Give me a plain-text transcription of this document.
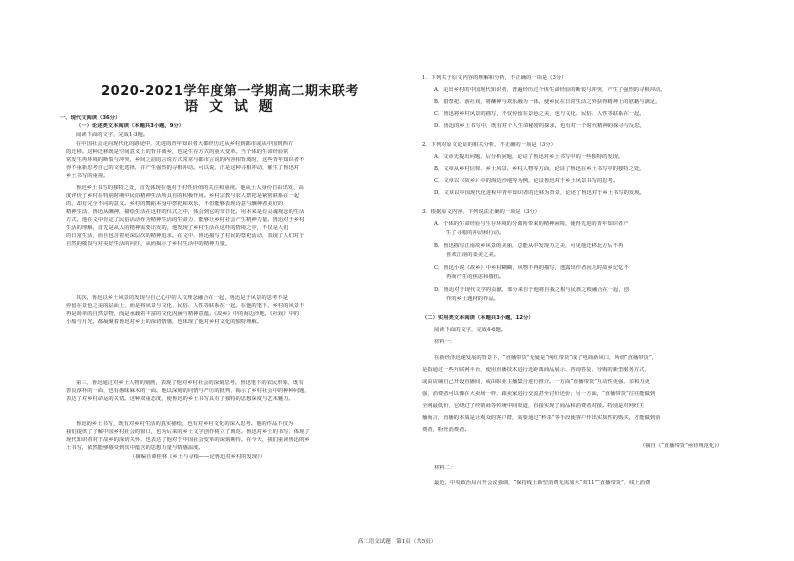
2020-2021学年度第一学期高二期末联考
语 文 试 题
一、现代文阅读（36分）
（一）论述类文本阅读（本题共3小题，9分）
阅读下面的文字，完成1-3题。
在中国社会走向现代化的路途中，先进的青年知识者大都经历过从乡村到都市或从中国到西方
的迁移。这种迁移既是空间意义上的背井离乡，也是生存方式的重大变革。当个体的生命经验常
常发生再环境的断裂与冲突，乡间之前的言说方式常常与都市言说的内容相背离时，这些青年知识者不
得不重新思考自己的文化选择，并产生强烈的寻根冲动。可以说，正是这种寻根冲动，催生了鲁迅对
乡土书写的重视。
鲁迅乡土书写的独特之处，首先体现在他对于村性价值的关注和重视。他从土人身份自由出发，高
度评价了乡村在特别时期中民俗精神生活所具有的积极作用。乡村宗教与农人祭祀是紧密联系在一起
的，却有完全不同的意义。乡村的舞蹈本身中祭祀和欢乐，不但能够表现诗意与酬神者美好的
精神生活，鲁迅从酬神，描绘生活在这样的仪式之中，体会到它的节日化，用本来是有灵魂观念的生活
方式。他在文中肯定了民俗活动作为精神生活的生命力，能够让乡村社会产生精神力量。鲁迅对于乡村
生活的理解，首先是从人的精神需要出发的。他发现了乡村生活在这样的情境之中，不仅是人们
的日常生活，而且包含着更深层次的精神追求。在文中，鲁迅描写了村民的祭祀活动，表现了人们对于
自然的敬畏与对美好生活的向往，从而揭示了乡村生活中的精神力量。
其次，鲁迅以乡土风景的发现与自己心中的人文理念融合在一起，鲁迅是于风景的思考不是
停留在景色之美的层面上，而是将风景与文化、民俗、人性等联系在一起。在他的笔下，乡村的风景不
再是简单的自然景物，而是承载着丰富的文化内涵与精神意蕴。《故乡》中的海边沙地，《社戏》中的
小船与月光，都凝聚着鲁迅对乡土的深切情感，也体现了他对乡村文化的独特理解。
第三，鲁迅通过对乡土人物的刻画，表现了他对乡村社会的深刻思考。鲁迅笔下的农民形象，既有
善良淳朴的一面，也有愚昧麻木的一面。他以深刻的同情与严厉的批判，揭示了乡村社会中的种种问题，
表达了对乡村命运的关切。这种双重态度，使鲁迅的乡土书写具有了独特的思想深度与艺术魅力。
鲁迅的乡土书写，既有对乡村生活的真实描绘，也有对乡村文化的深入思考。他的作品不仅为
我们提供了了解中国乡村社会的窗口，也为后来的乡土文学创作树立了典范。鲁迅对乡土的书写，体现了
现代知识者对于故乡的深切关怀，也表达了他对于中国社会变革的深刻期待。在今天，我们重读鲁迅的乡
土书写，依然能够感受到其中蕴含的思想力量与情感温度。
（摘编自谭桂林《乡土与寻根——论鲁迅对乡村的发现》）
1．下列关于原文内容的理解和分析，不正确的一项是（3分）
A．走出乡村的中国现代知识者，普遍经历过个体生命经验的断裂与冲突，产生了强烈的寻根冲动。
B．借祭祀、游社戏，将酬神与欢乐融为一体，使乡民在日常生活之外获得精神上的慰藉与满足。
C．鲁迅将乡村风景的描写，不仅停留在景色之美，也与文化、民俗、人性等联系在一起。
D．鲁迅的乡土书写中，既有对个人生命秘密的探求，也有对一个时代精神的探寻与反思。
2．下列对原文论证的相关分析，不正确的一项是（3分）
A．文章先提出问题，后分析问题，论证了鲁迅对乡土书写中的一些独特的发现。
B．文章从乡村信仰、乡土风景、乡村人物等方面，论证了鲁迅在乡土书写中的独特之处。
C．文章以《故乡》中的海边沙地等为例，论证鲁迅对于乡土风景书写的思考。
D．文章以中国现代化进程中青年知识者的迁移为背景，论述了鲁迅对于乡土书写的发现。
3．根据原文内容，下列说法正确的一项是（3分）
A．个体的生命经验与生存环境的分离所带来的精神困境，使得先进的青年知识者产
生了寻根的冲动和行动。
B．鲁迅描写江南故乡风景的美丽，总能从中发现力之美，可见他迁移北方后不再
喜欢江南的柔美之美。
C．鲁迅小说《故乡》中乡村糊糊、风物不再的描写，透露出作者因儿时故乡记忆不
再而产生的焦虑和感伤。
D．鲁迅对于现代文学的贡献，部分来自于他将自我之根与民族之根融合在一起，创
作的乡土题材的作品。
（二）实用类文本阅读（本题共3小题，12分）
阅读下面的文字，完成4-6题。
材料一：
在新经济迅速发展的背景下，“直播带货”无疑是“网红带货”成了电商新风口，所谓“直播带货”，
是指通过一些互联网平台，使用直播技术进行近距离商品展示、咨询答复、导购的新型服务方式，
或由店铺自己开设直播间，或由职业主播集合进行推介。一方面“直播带货”互动性更强、亲和力更
强，消费者可以像在大卖场一样，跟卖家进行交流甚至讨价还价；另一方面，“直播带货”往往能做到
全网最低价，它绕过了经销商等传统中间渠道，直接实现了商品和消费者对接。特别是对网红主
播而言，直播的本质是让观众的客户群，需要通过“秒杀”等手段使客户作出实质性的购买，才能做到消
费者，粉丝消费者。
（摘自《“直播带货”亟待规范化》）
材料二：
最近，中央政治局召开会议强调，“保持线上新型消费无需加大“双11”“直播带货”、线上消费
高二语文试题　第1页（共5页）
